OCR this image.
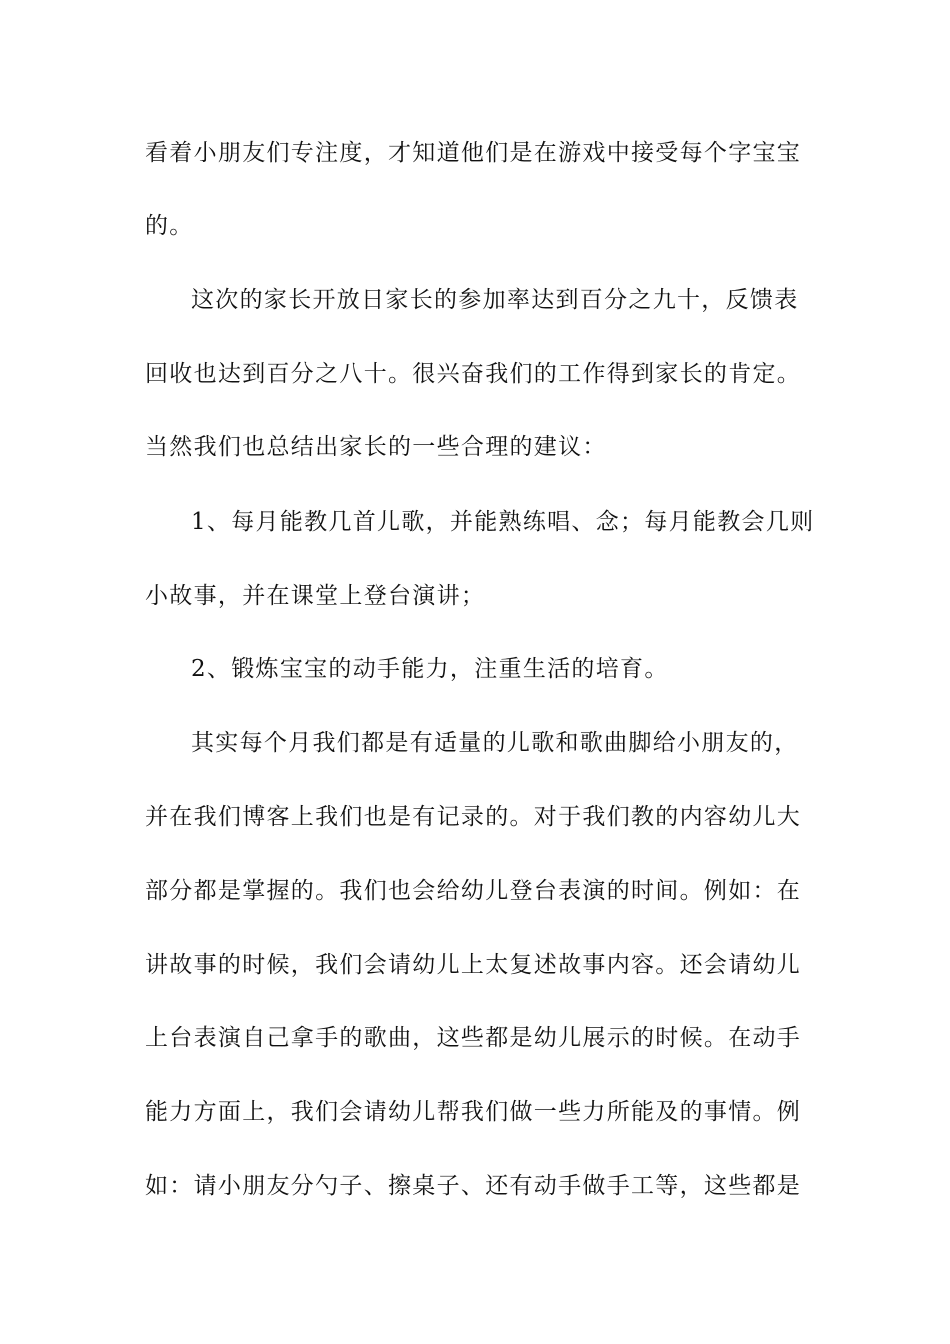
看着小朋友们专注度，才知道他们是在游戏中接受每个字宝宝
的。
这次的家长开放日家长的参加率达到百分之九十，反馈表
回收也达到百分之八十。很兴奋我们的工作得到家长的肯定。
当然我们也总结出家长的一些合理的建议：
1、每月能教几首儿歌，并能熟练唱、念；每月能教会几则
小故事，并在课堂上登台演讲；
2、锻炼宝宝的动手能力，注重生活的培育。
其实每个月我们都是有适量的儿歌和歌曲脚给小朋友的，
并在我们博客上我们也是有记录的。对于我们教的内容幼儿大
部分都是掌握的。我们也会给幼儿登台表演的时间。例如：在
讲故事的时候，我们会请幼儿上太复述故事内容。还会请幼儿
上台表演自己拿手的歌曲，这些都是幼儿展示的时候。在动手
能力方面上，我们会请幼儿帮我们做一些力所能及的事情。例
如：请小朋友分勺子、擦桌子、还有动手做手工等，这些都是
